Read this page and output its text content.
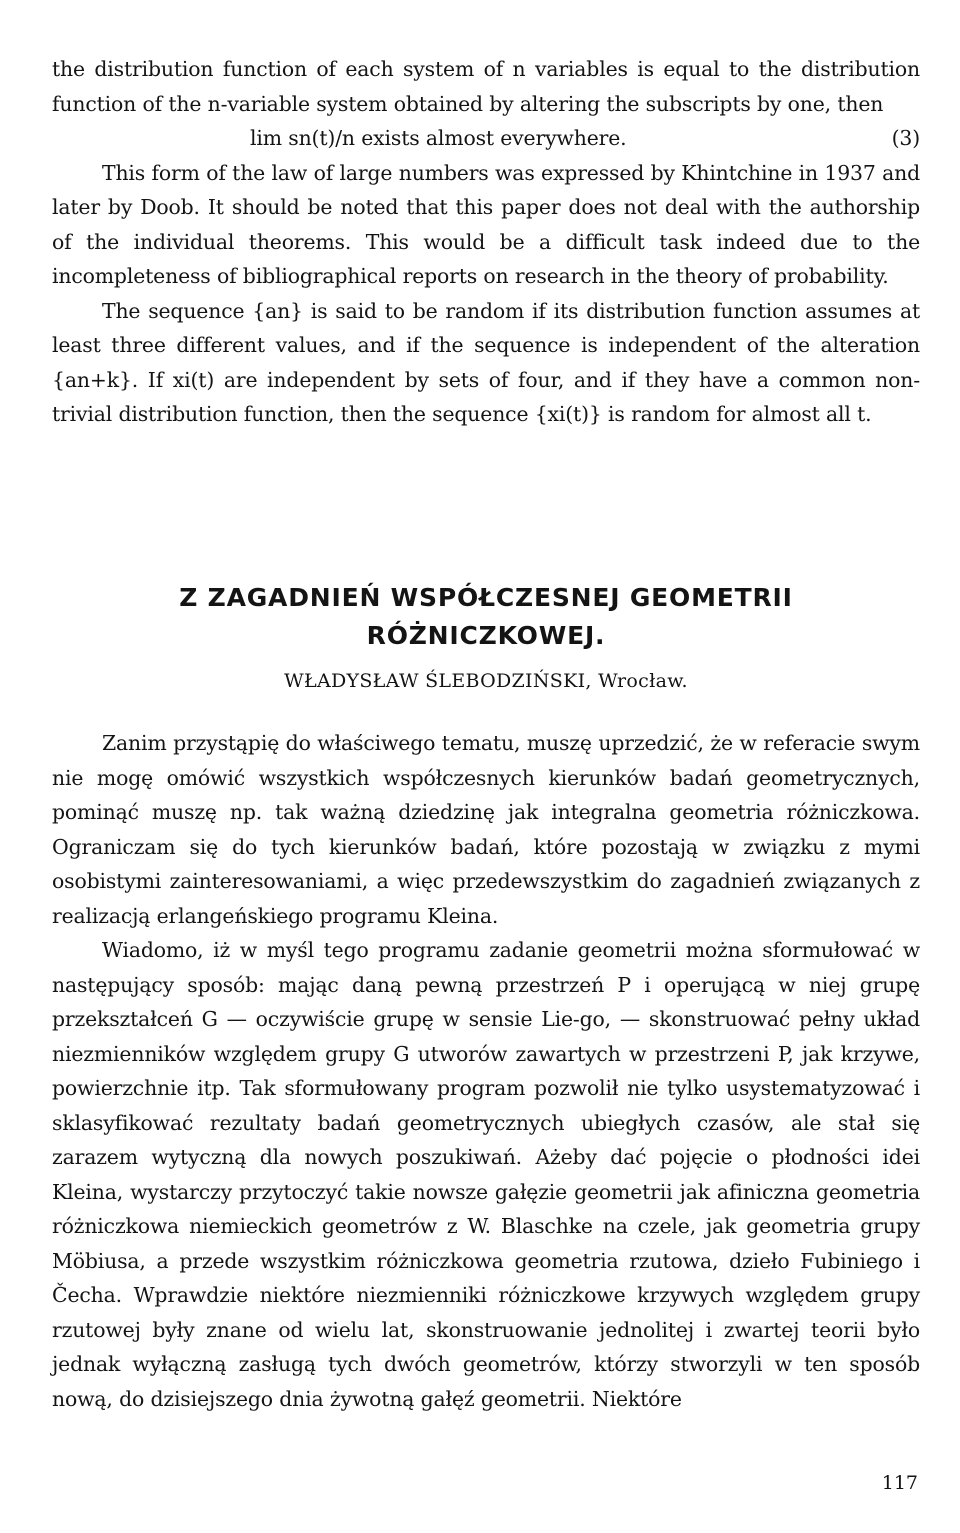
the distribution function of each system of n variables is equal to the distribution function of the n-variable system obtained by altering the subscripts by one, then

lim sn(t)/n exists almost everywhere.	(3)

This form of the law of large numbers was expressed by Khintchine in 1937 and later by Doob. It should be noted that this paper does not deal with the authorship of the individual theorems. This would be a difficult task indeed due to the incompleteness of bibliographical reports on research in the theory of probability.

The sequence {an} is said to be random if its distribution function assumes at least three different values, and if the sequence is independent of the alteration {an+k}. If xi(t) are independent by sets of four, and if they have a common non-trivial distribution function, then the sequence {xi(t)} is random for almost all t.

Z ZAGADNIEŃ WSPÓŁCZESNEJ GEOMETRII
RÓŻNICZKOWEJ.
WŁADYSŁAW ŚLEBODZIŃSKI, Wrocław.

Zanim przystąpię do właściwego tematu, muszę uprzedzić, że w referacie swym nie mogę omówić wszystkich współczesnych kierunków badań geometrycznych, pominąć muszę np. tak ważną dziedzinę jak integralna geometria różniczkowa. Ograniczam się do tych kierunków badań, które pozostają w związku z mymi osobistymi zainteresowaniami, a więc przedewszystkim do zagadnień związanych z realizacją erlangeńskiego programu Kleina.

Wiadomo, iż w myśl tego programu zadanie geometrii można sformułować w następujący sposób: mając daną pewną przestrzeń P i operującą w niej grupę przekształceń G — oczywiście grupę w sensie Lie-go, — skonstruować pełny układ niezmienników względem grupy G utworów zawartych w przestrzeni P, jak krzywe, powierzchnie itp. Tak sformułowany program pozwolił nie tylko usystematyzować i sklasyfikować rezultaty badań geometrycznych ubiegłych czasów, ale stał się zarazem wytyczną dla nowych poszukiwań. Ażeby dać pojęcie o płodności idei Kleina, wystarczy przytoczyć takie nowsze gałęzie geometrii jak afiniczna geometria różniczkowa niemieckich geometrów z W. Blaschke na czele, jak geometria grupy Möbiusa, a przede wszystkim różniczkowa geometria rzutowa, dzieło Fubiniego i Čecha. Wprawdzie niektóre niezmienniki różniczkowe krzywych względem grupy rzutowej były znane od wielu lat, skonstruowanie jednolitej i zwartej teorii było jednak wyłączną zasługą tych dwóch geometrów, którzy stworzyli w ten sposób nową, do dzisiejszego dnia żywotną gałęź geometrii. Niektóre

117
